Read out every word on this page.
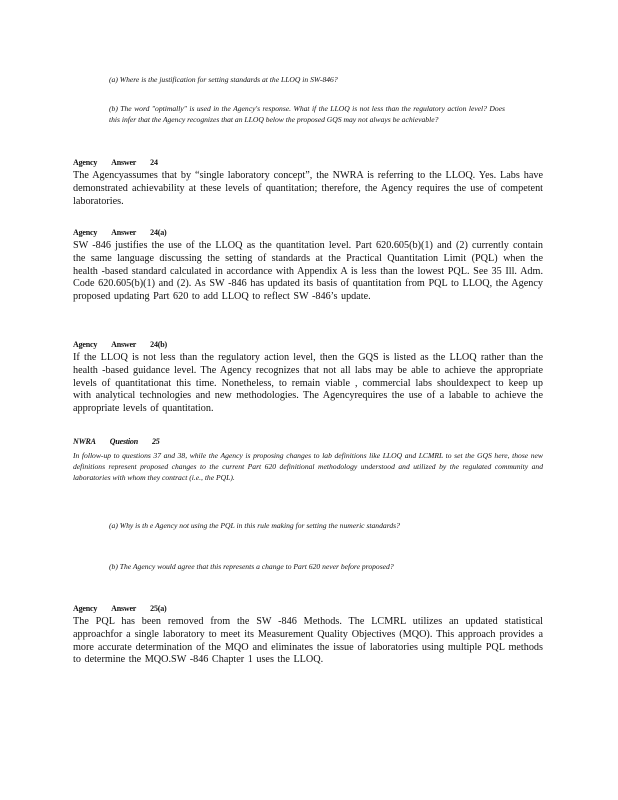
(a) Where is the justification for setting standards at the LLOQ in SW-846?
(b) The word "optimally" is used in the Agency's response. What if the LLOQ is not less than the regulatory action level? Does this infer that the Agency recognizes that an LLOQ below the proposed GQS may not always be achievable?
Agency Answer 24
The Agencyassumes that by “single laboratory concept”, the NWRA is referring to the LLOQ. Yes. Labs have demonstrated achievability at these levels of quantitation; therefore, the Agency requires the use of competent laboratories.
Agency Answer 24(a)
SW -846 justifies the use of the LLOQ as the quantitation level. Part 620.605(b)(1) and (2) currently contain the same language discussing the setting of standards at the Practical Quantitation Limit (PQL) when the health -based standard calculated in accordance with Appendix A is less than the lowest PQL. See 35 Ill. Adm. Code 620.605(b)(1) and (2). As SW -846 has updated its basis of quantitation from PQL to LLOQ, the Agency proposed updating Part 620 to add LLOQ to reflect SW -846’s update.
Agency Answer 24(b)
If the LLOQ is not less than the regulatory action level, then the GQS is listed as the LLOQ rather than the health -based guidance level. The Agency recognizes that not all labs may be able to achieve the appropriate levels of quantitationat this time. Nonetheless, to remain viable , commercial labs shouldexpect to keep up with analytical technologies and new methodologies. The Agencyrequires the use of a labable to achieve the appropriate levels of quantitation.
NWRA Question 25
In follow-up to questions 37 and 38, while the Agency is proposing changes to lab definitions like LLOQ and LCMRL to set the GQS here, those new definitions represent proposed changes to the current Part 620 definitional methodology understood and utilized by the regulated community and laboratories with whom they contract (i.e., the PQL).
(a) Why is th e Agency not using the PQL in this rule making for setting the numeric standards?
(b) The Agency would agree that this represents a change to Part 620 never before proposed?
Agency Answer 25(a)
The PQL has been removed from the SW -846 Methods. The LCMRL utilizes an updated statistical approachfor a single laboratory to meet its Measurement Quality Objectives (MQO). This approach provides a more accurate determination of the MQO and eliminates the issue of laboratories using multiple PQL methods to determine the MQO.SW -846 Chapter 1 uses the LLOQ.
